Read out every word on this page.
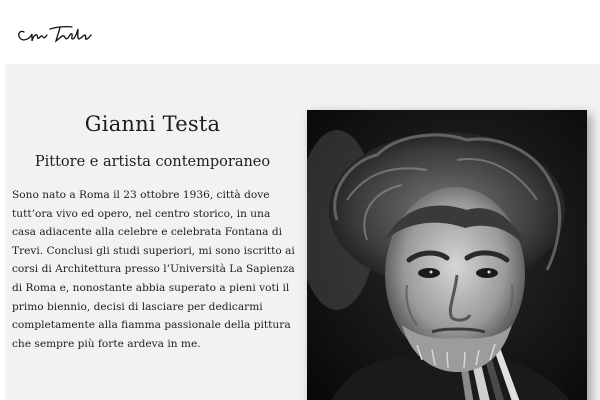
Gianni Testa
Pittore e artista contemporaneo

Sono nato a Roma il 23 ottobre 1936, città dove tutt’ora vivo ed opero, nel centro storico, in una casa adiacente alla celebre e celebrata Fontana di Trevi. Conclusi gli studi superiori, mi sono iscritto ai corsi di Architettura presso l’Università La Sapienza di Roma e, nonostante abbia superato a pieni voti il primo biennio, decisi di lasciare per dedicarmi completamente alla fiamma passionale della pittura che sempre più forte ardeva in me.
